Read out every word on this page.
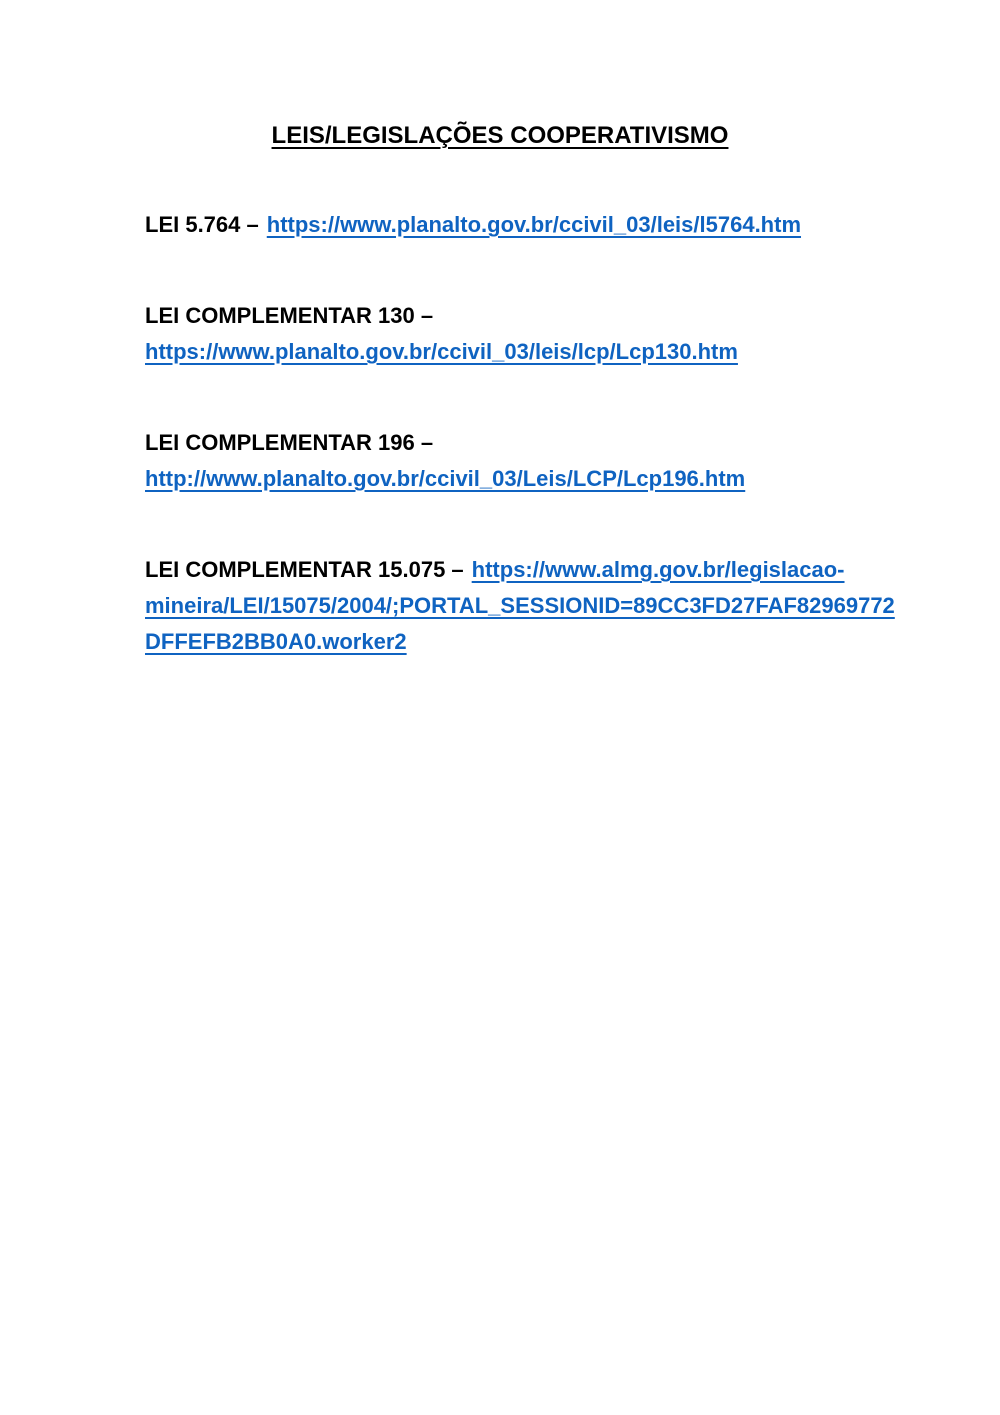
LEIS/LEGISLAÇÕES COOPERATIVISMO

LEI 5.764 – https://www.planalto.gov.br/ccivil_03/leis/l5764.htm

LEI COMPLEMENTAR 130 –
https://www.planalto.gov.br/ccivil_03/leis/lcp/Lcp130.htm

LEI COMPLEMENTAR 196 –
http://www.planalto.gov.br/ccivil_03/Leis/LCP/Lcp196.htm

LEI COMPLEMENTAR 15.075 – https://www.almg.gov.br/legislacao-
mineira/LEI/15075/2004/;PORTAL_SESSIONID=89CC3FD27FAF82969772
DFFEFB2BB0A0.worker2
